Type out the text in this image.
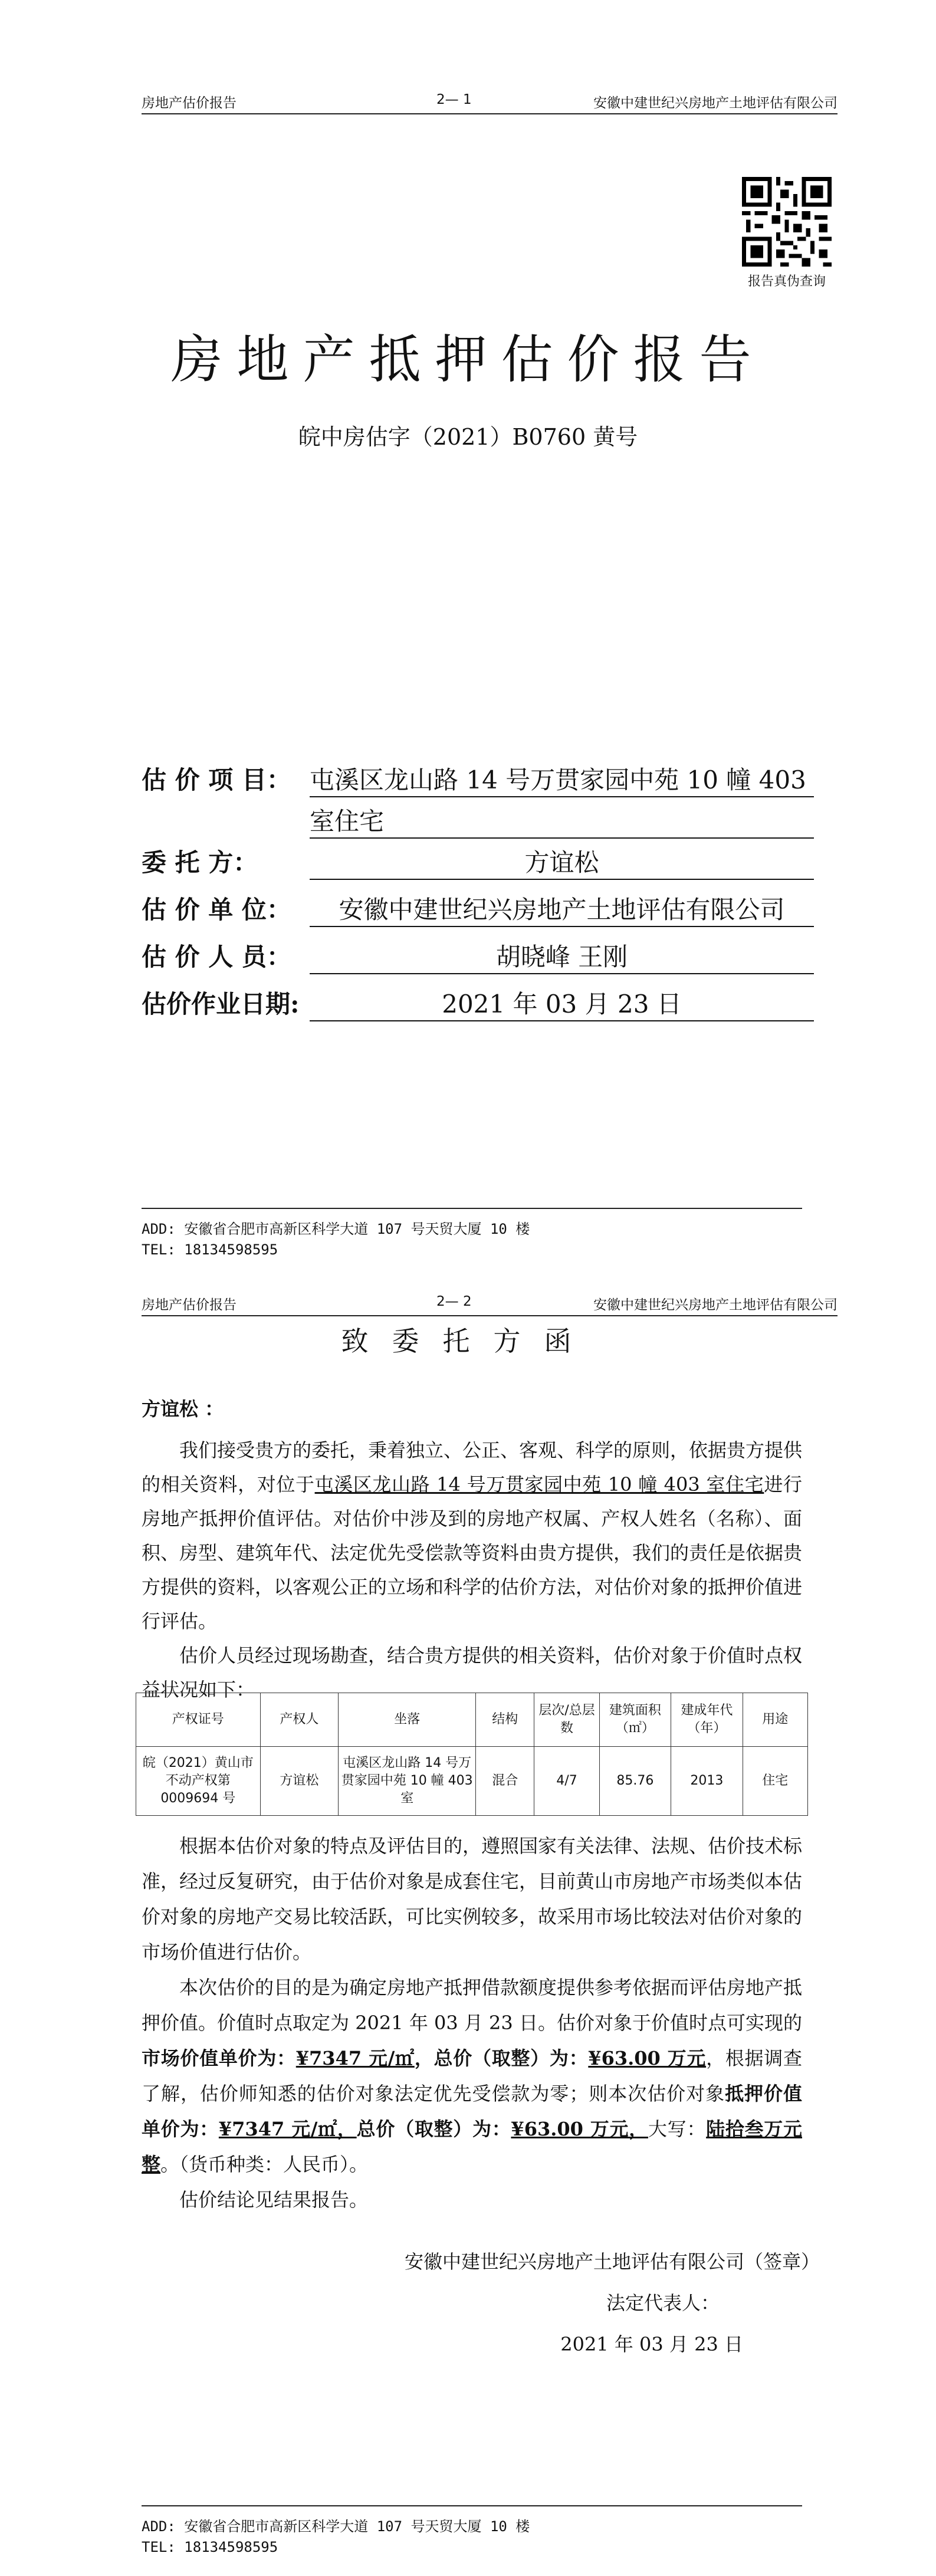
房地产估价报告	2— 1	安徽中建世纪兴房地产土地评估有限公司
报告真伪查询
房地产抵押估价报告
皖中房估字（2021）B0760 黄号
估 价 项 目： 屯溪区龙山路 14 号万贯家园中苑 10 幢 403
室住宅
委 托 方：	方谊松
估 价 单 位：	安徽中建世纪兴房地产土地评估有限公司
估 价 人 员：	胡晓峰 王刚
估价作业日期:	2021 年 03 月 23 日
ADD: 安徽省合肥市高新区科学大道 107 号天贸大厦 10 楼
TEL: 18134598595
房地产估价报告	2— 2	安徽中建世纪兴房地产土地评估有限公司
致委托方函

方谊松 ：

我们接受贵方的委托，秉着独立、公正、客观、科学的原则，依据贵方提供的相关资料，对位于屯溪区龙山路 14 号万贯家园中苑 10 幢 403 室住宅进行房地产抵押价值评估。对估价中涉及到的房地产权属、产权人姓名（名称）、面积、房型、建筑年代、法定优先受偿款等资料由贵方提供，我们的责任是依据贵方提供的资料，以客观公正的立场和科学的估价方法，对估价对象的抵押价值进行评估。

估价人员经过现场勘查，结合贵方提供的相关资料，估价对象于价值时点权益状况如下：

产权证号	产权人	坐落	结构	层次/总层数	建筑面积（㎡）	建成年代（年）	用途
皖（2021）黄山市不动产权第 0009694 号	方谊松	屯溪区龙山路 14 号万贯家园中苑 10 幢 403 室	混合	4/7	85.76	2013	住宅

根据本估价对象的特点及评估目的，遵照国家有关法律、法规、估价技术标准，经过反复研究，由于估价对象是成套住宅，目前黄山市房地产市场类似本估价对象的房地产交易比较活跃，可比实例较多，故采用市场比较法对估价对象的市场价值进行估价。

本次估价的目的是为确定房地产抵押借款额度提供参考依据而评估房地产抵押价值。价值时点取定为 2021 年 03 月 23 日。估价对象于价值时点可实现的市场价值单价为：¥7347 元/㎡，总价（取整）为：¥63.00 万元，根据调查了解，估价师知悉的估价对象法定优先受偿款为零；则本次估价对象抵押价值单价为：¥7347 元/㎡，总价（取整）为：¥63.00 万元，大写：陆拾叁万元整。（货币种类：人民币）。

估价结论见结果报告。

安徽中建世纪兴房地产土地评估有限公司（签章）
法定代表人：
2021 年 03 月 23 日
ADD: 安徽省合肥市高新区科学大道 107 号天贸大厦 10 楼
TEL: 18134598595
